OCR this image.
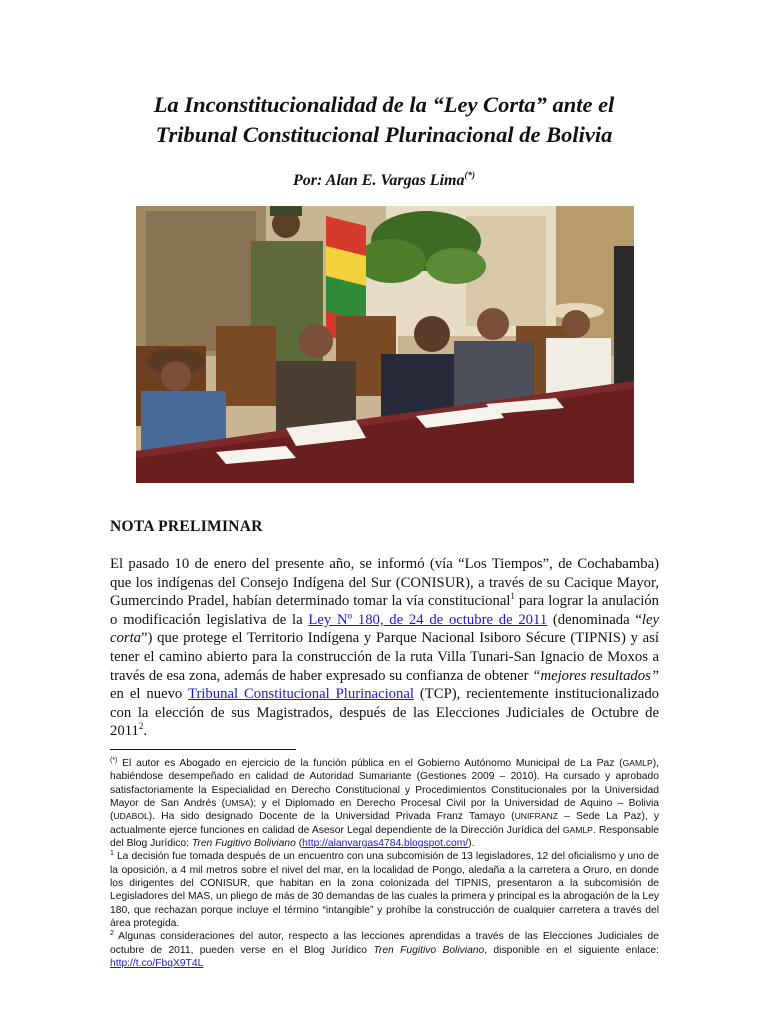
La Inconstitucionalidad de la “Ley Corta” ante el
Tribunal Constitucional Plurinacional de Bolivia
Por: Alan E. Vargas Lima(*)
NOTA PRELIMINAR
El pasado 10 de enero del presente año, se informó (vía “Los Tiempos”, de Cochabamba) que los indígenas del Consejo Indígena del Sur (CONISUR), a través de su Cacique Mayor, Gumercindo Pradel, habían determinado tomar la vía constitucional$^1$ para lograr la anulación o modificación legislativa de la Ley Nº 180, de 24 de octubre de 2011 (denominada “ley corta”) que protege el Territorio Indígena y Parque Nacional Isiboro Sécure (TIPNIS) y así tener el camino abierto para la construcción de la ruta Villa Tunari-San Ignacio de Moxos a través de esa zona, además de haber expresado su confianza de obtener “mejores resultados” en el nuevo Tribunal Constitucional Plurinacional (TCP), recientemente institucionalizado con la elección de sus Magistrados, después de las Elecciones Judiciales de Octubre de 2011$^2$.

(*) El autor es Abogado en ejercicio de la función pública en el Gobierno Autónomo Municipal de La Paz (GAMLP), habiéndose desempeñado en calidad de Autoridad Sumariante (Gestiones 2009 – 2010). Ha cursado y aprobado satisfactoriamente la Especialidad en Derecho Constitucional y Procedimientos Constitucionales por la Universidad Mayor de San Andrés (UMSA); y el Diplomado en Derecho Procesal Civil por la Universidad de Aquino – Bolivia (UDABOL). Ha sido designado Docente de la Universidad Privada Franz Tamayo (UNIFRANZ – Sede La Paz), y actualmente ejerce funciones en calidad de Asesor Legal dependiente de la Dirección Jurídica del GAMLP. Responsable del Blog Jurídico: Tren Fugitivo Boliviano (http://alanvargas4784.blogspot.com/).

$^1$ La decisión fue tomada después de un encuentro con una subcomisión de 13 legisladores, 12 del oficialismo y uno de la oposición, a 4 mil metros sobre el nivel del mar, en la localidad de Pongo, aledaña a la carretera a Oruro, en donde los dirigentes del CONISUR, que habitan en la zona colonizada del TIPNIS, presentaron a la subcomisión de Legisladores del MAS, un pliego de más de 30 demandas de las cuales la primera y principal es la abrogación de la Ley 180, que rechazan porque incluye el término “intangible” y prohíbe la construcción de cualquier carretera a través del área protegida.

$^2$ Algunas consideraciones del autor, respecto a las lecciones aprendidas a través de las Elecciones Judiciales de octubre de 2011, pueden verse en el Blog Jurídico Tren Fugitivo Boliviano, disponible en el siguiente enlace: http://t.co/FbqX9T4L
